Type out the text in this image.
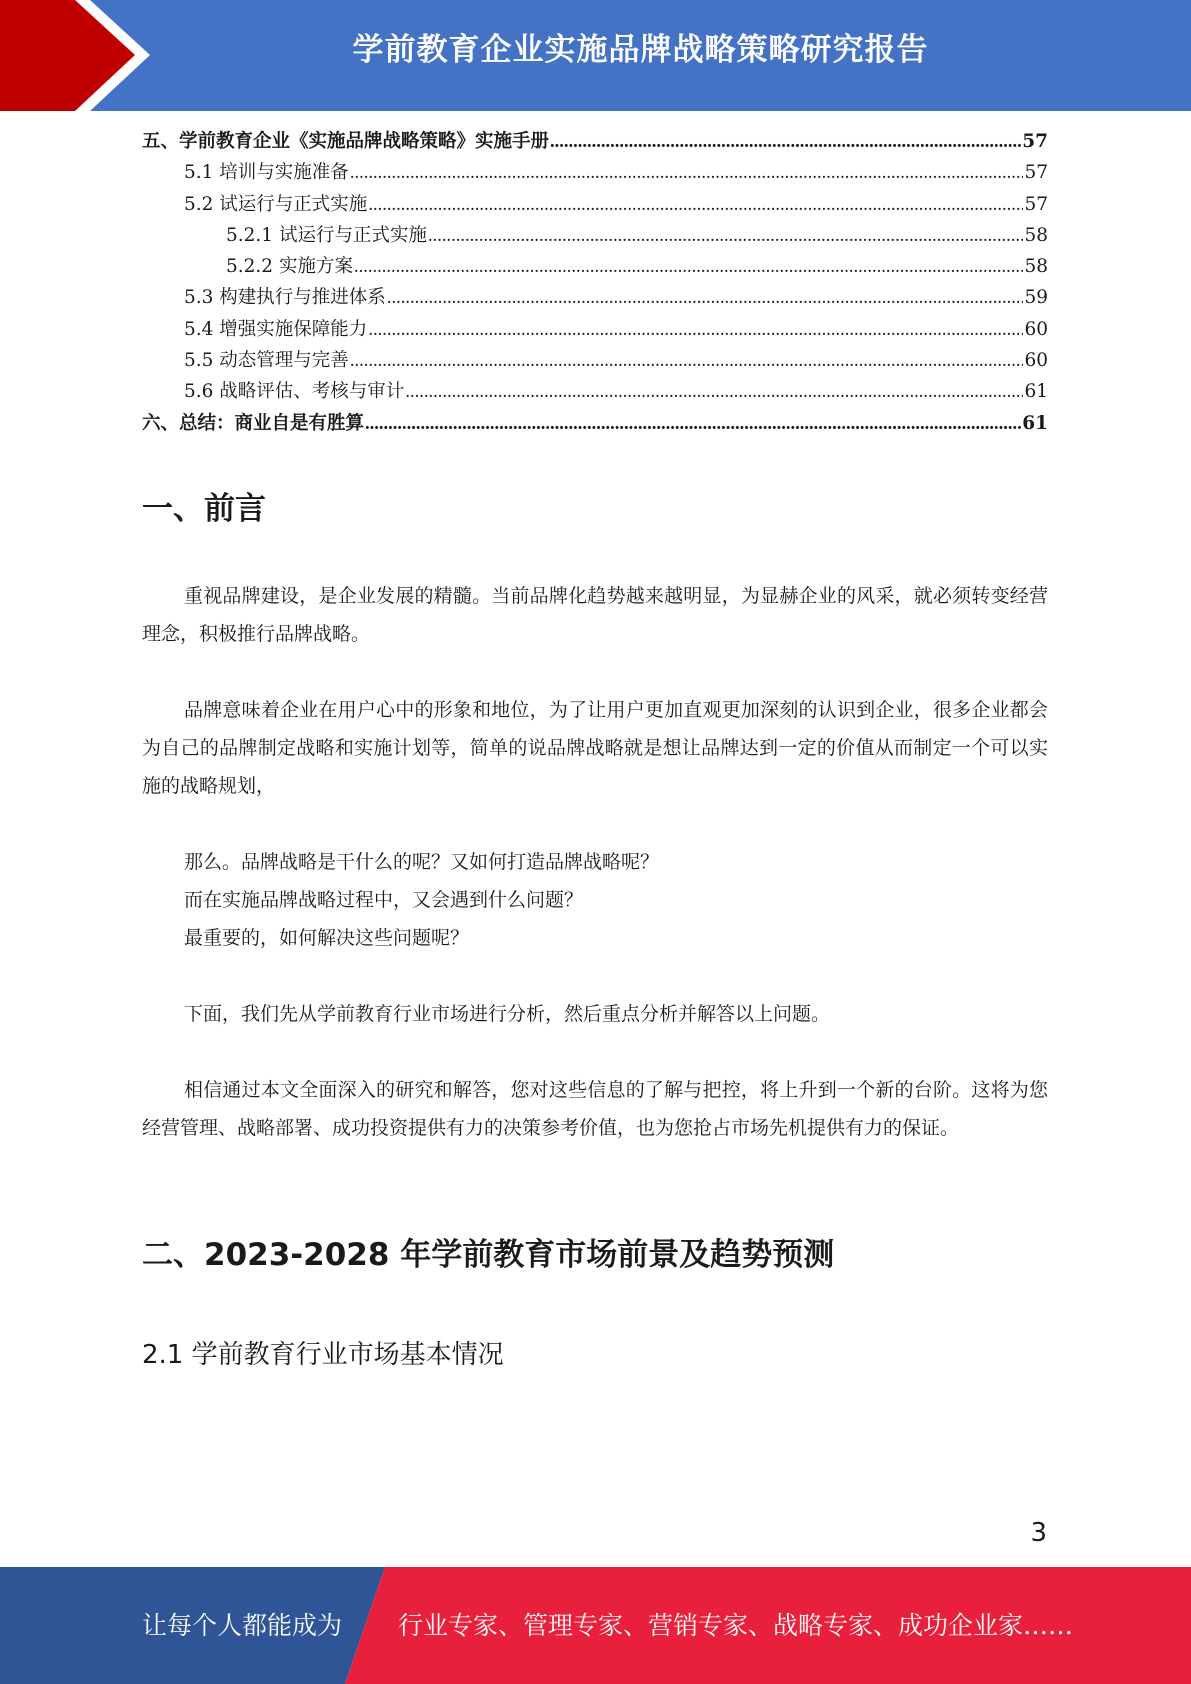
学前教育企业实施品牌战略策略研究报告
五、学前教育企业《实施品牌战略策略》实施手册 .....	57
5.1 培训与实施准备 .....	57
5.2 试运行与正式实施 .....	57
5.2.1 试运行与正式实施 .....	58
5.2.2 实施方案 .....	58
5.3 构建执行与推进体系 .....	59
5.4 增强实施保障能力 .....	60
5.5 动态管理与完善 .....	60
5.6 战略评估、考核与审计 .....	61
六、总结：商业自是有胜算 .....	61
一、前言

重视品牌建设，是企业发展的精髓。当前品牌化趋势越来越明显，为显赫企业的风采，就必须转变经营理念，积极推行品牌战略。

品牌意味着企业在用户心中的形象和地位，为了让用户更加直观更加深刻的认识到企业，很多企业都会为自己的品牌制定战略和实施计划等，简单的说品牌战略就是想让品牌达到一定的价值从而制定一个可以实施的战略规划，

那么。品牌战略是干什么的呢？又如何打造品牌战略呢？

而在实施品牌战略过程中，又会遇到什么问题？

最重要的，如何解决这些问题呢？

下面，我们先从学前教育行业市场进行分析，然后重点分析并解答以上问题。

相信通过本文全面深入的研究和解答，您对这些信息的了解与把控，将上升到一个新的台阶。这将为您经营管理、战略部署、成功投资提供有力的决策参考价值，也为您抢占市场先机提供有力的保证。

二、2023-2028 年学前教育市场前景及趋势预测
2.1 学前教育行业市场基本情况
3
让每个人都能成为 行业专家、管理专家、营销专家、战略专家、成功企业家……
